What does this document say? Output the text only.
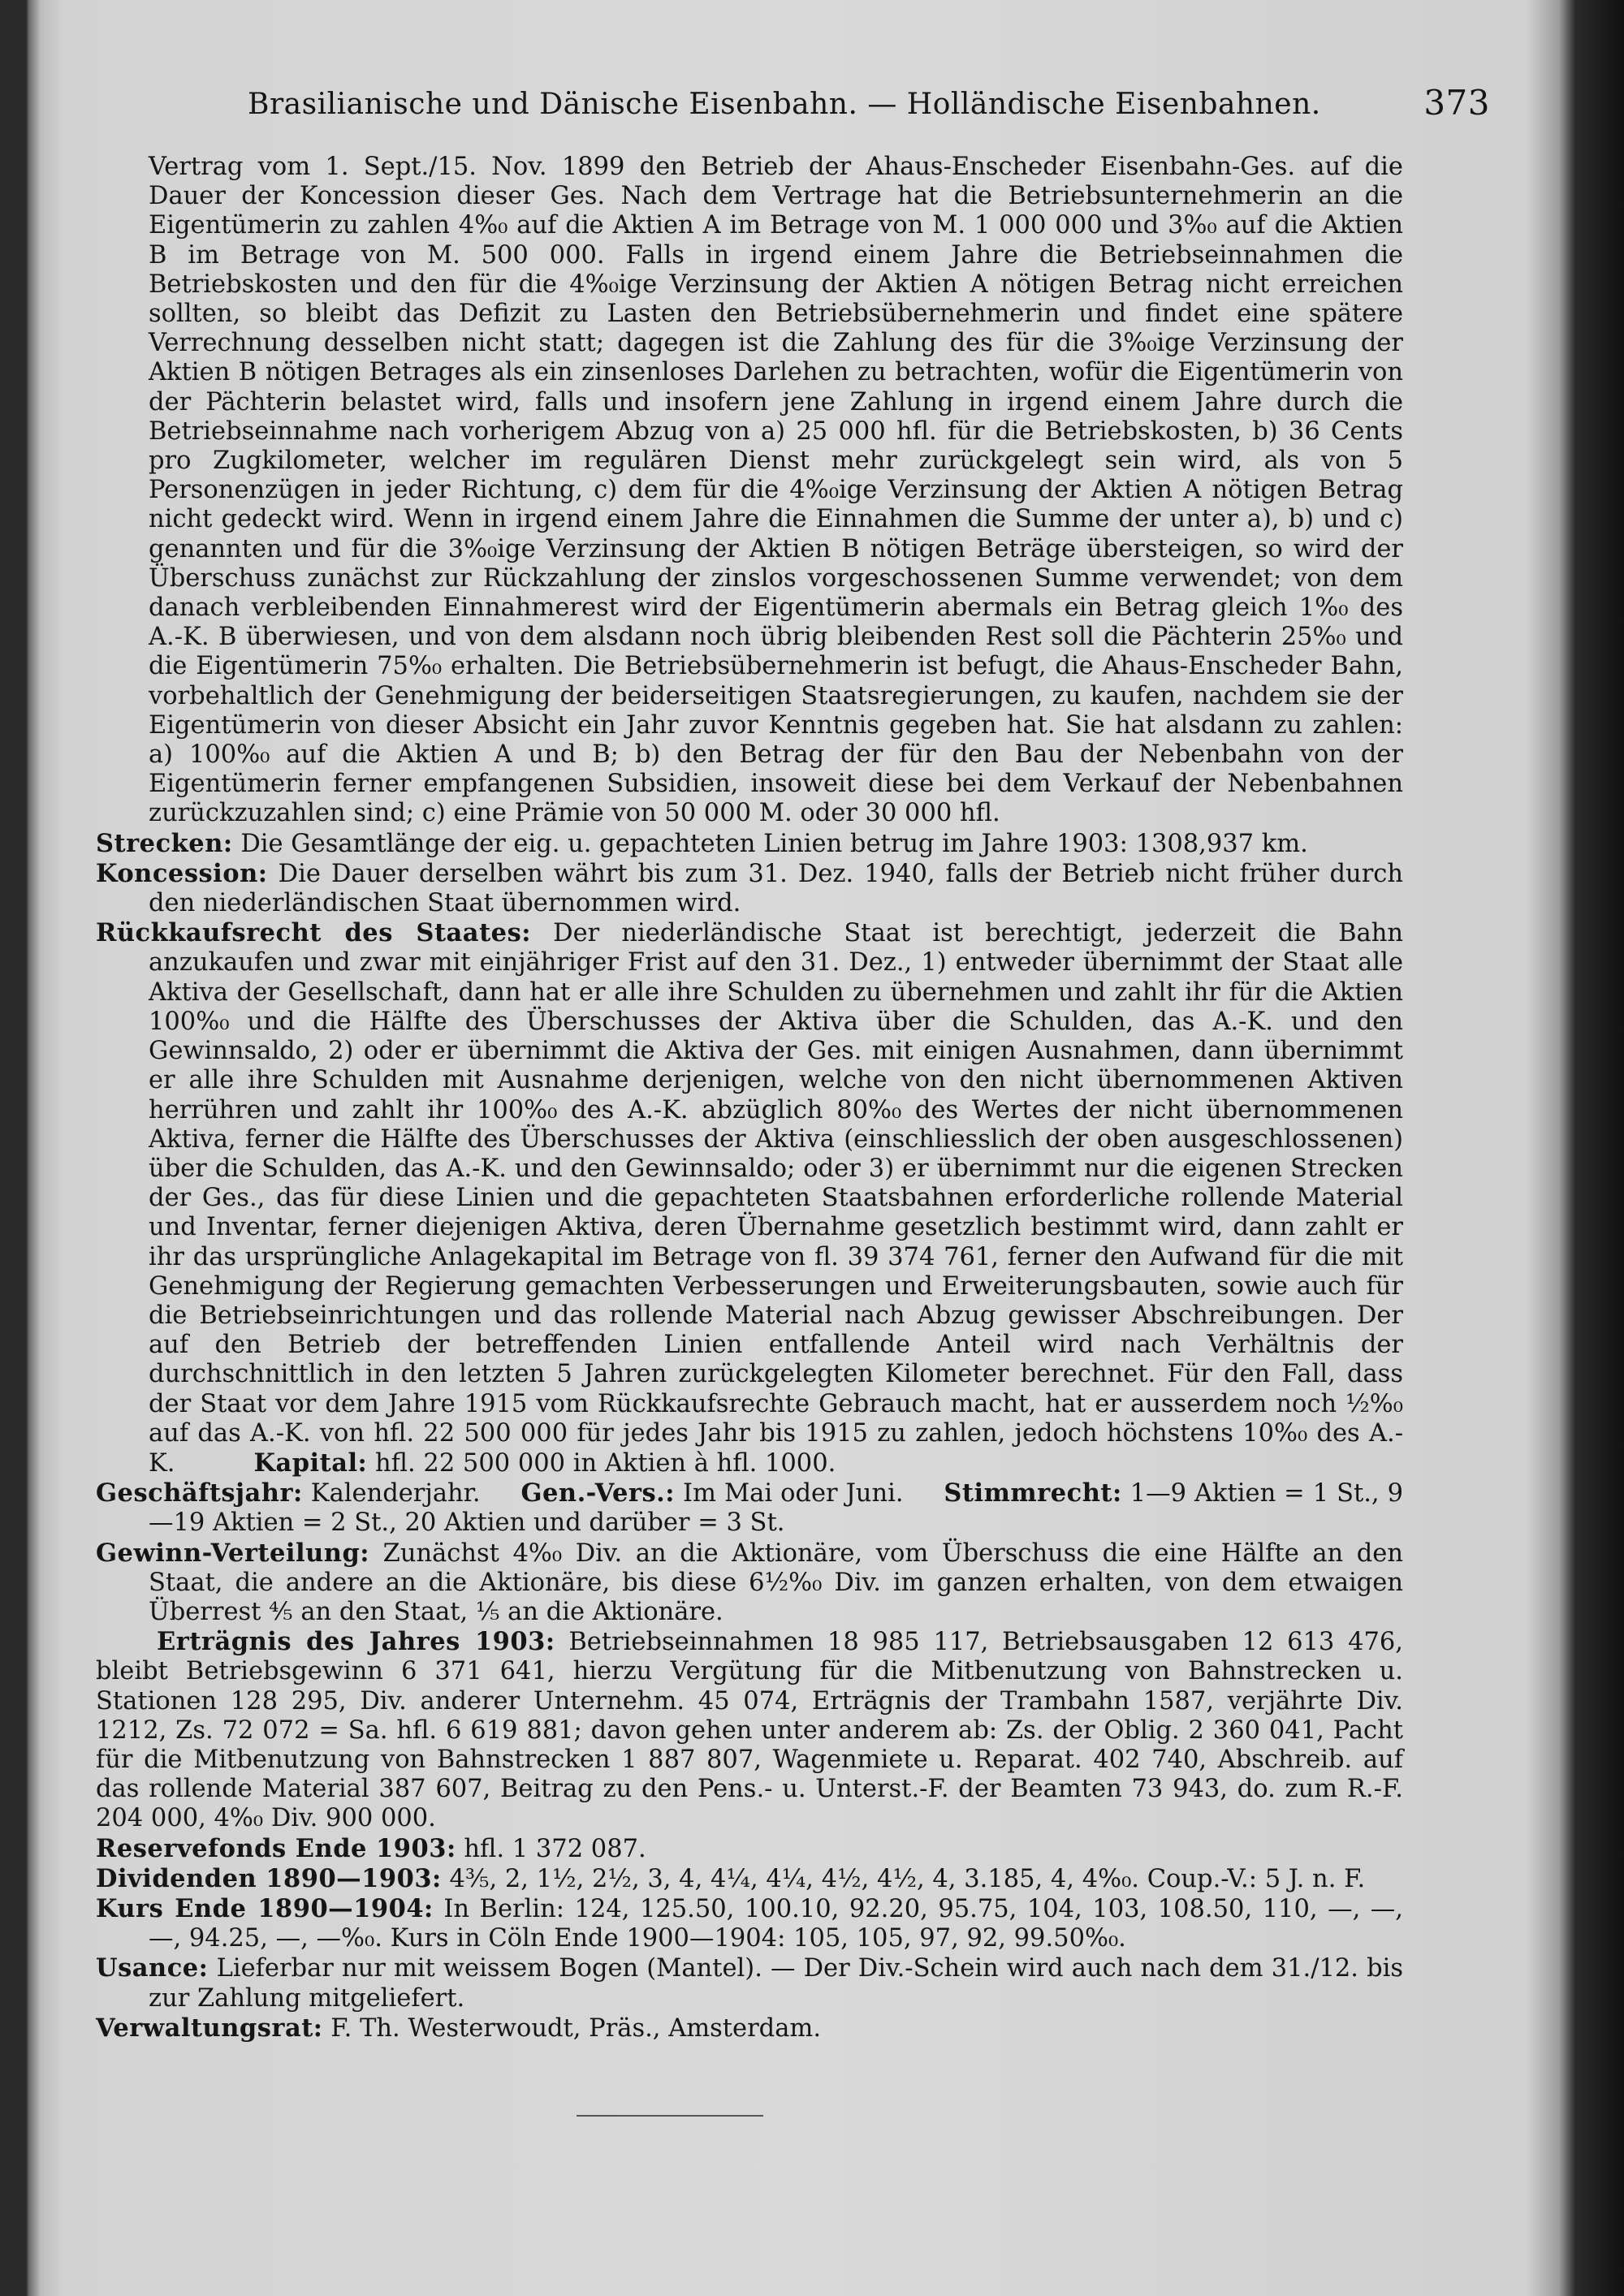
Brasilianische und Dänische Eisenbahn. — Holländische Eisenbahnen.	373

Vertrag vom 1. Sept./15. Nov. 1899 den Betrieb der Ahaus-Enscheder Eisenbahn-Ges. auf die Dauer der Koncession dieser Ges. Nach dem Vertrage hat die Betriebsunternehmerin an die Eigentümerin zu zahlen 4%₀ auf die Aktien A im Betrage von M. 1 000 000 und 3%₀ auf die Aktien B im Betrage von M. 500 000. Falls in irgend einem Jahre die Betriebseinnahmen die Betriebskosten und den für die 4%₀ige Verzinsung der Aktien A nötigen Betrag nicht erreichen sollten, so bleibt das Defizit zu Lasten den Betriebsübernehmerin und findet eine spätere Verrechnung desselben nicht statt; dagegen ist die Zahlung des für die 3%₀ige Verzinsung der Aktien B nötigen Betrages als ein zinsenloses Darlehen zu betrachten, wofür die Eigentümerin von der Pächterin belastet wird, falls und insofern jene Zahlung in irgend einem Jahre durch die Betriebseinnahme nach vorherigem Abzug von a) 25 000 hfl. für die Betriebskosten, b) 36 Cents pro Zugkilometer, welcher im regulären Dienst mehr zurückgelegt sein wird, als von 5 Personenzügen in jeder Richtung, c) dem für die 4%₀ige Verzinsung der Aktien A nötigen Betrag nicht gedeckt wird. Wenn in irgend einem Jahre die Einnahmen die Summe der unter a), b) und c) genannten und für die 3%₀ige Verzinsung der Aktien B nötigen Beträge übersteigen, so wird der Überschuss zunächst zur Rückzahlung der zinslos vorgeschossenen Summe verwendet; von dem danach verbleibenden Einnahmerest wird der Eigentümerin abermals ein Betrag gleich 1%₀ des A.-K. B überwiesen, und von dem alsdann noch übrig bleibenden Rest soll die Pächterin 25%₀ und die Eigentümerin 75%₀ erhalten. Die Betriebsübernehmerin ist befugt, die Ahaus-Enscheder Bahn, vorbehaltlich der Genehmigung der beiderseitigen Staatsregierungen, zu kaufen, nachdem sie der Eigentümerin von dieser Absicht ein Jahr zuvor Kenntnis gegeben hat. Sie hat alsdann zu zahlen: a) 100%₀ auf die Aktien A und B; b) den Betrag der für den Bau der Nebenbahn von der Eigentümerin ferner empfangenen Subsidien, insoweit diese bei dem Verkauf der Nebenbahnen zurückzuzahlen sind; c) eine Prämie von 50 000 M. oder 30 000 hfl.

Strecken: Die Gesamtlänge der eig. u. gepachteten Linien betrug im Jahre 1903: 1308,937 km.

Koncession: Die Dauer derselben währt bis zum 31. Dez. 1940, falls der Betrieb nicht früher durch den niederländischen Staat übernommen wird.

Rückkaufsrecht des Staates: Der niederländische Staat ist berechtigt, jederzeit die Bahn anzukaufen und zwar mit einjähriger Frist auf den 31. Dez., 1) entweder übernimmt der Staat alle Aktiva der Gesellschaft, dann hat er alle ihre Schulden zu übernehmen und zahlt ihr für die Aktien 100%₀ und die Hälfte des Überschusses der Aktiva über die Schulden, das A.-K. und den Gewinnsaldo, 2) oder er übernimmt die Aktiva der Ges. mit einigen Ausnahmen, dann übernimmt er alle ihre Schulden mit Ausnahme derjenigen, welche von den nicht übernommenen Aktiven herrühren und zahlt ihr 100%₀ des A.-K. abzüglich 80%₀ des Wertes der nicht übernommenen Aktiva, ferner die Hälfte des Überschusses der Aktiva (einschliesslich der oben ausgeschlossenen) über die Schulden, das A.-K. und den Gewinnsaldo; oder 3) er übernimmt nur die eigenen Strecken der Ges., das für diese Linien und die gepachteten Staatsbahnen erforderliche rollende Material und Inventar, ferner diejenigen Aktiva, deren Übernahme gesetzlich bestimmt wird, dann zahlt er ihr das ursprüngliche Anlagekapital im Betrage von fl. 39 374 761, ferner den Aufwand für die mit Genehmigung der Regierung gemachten Verbesserungen und Erweiterungsbauten, sowie auch für die Betriebseinrichtungen und das rollende Material nach Abzug gewisser Abschreibungen. Der auf den Betrieb der betreffenden Linien entfallende Anteil wird nach Verhältnis der durchschnittlich in den letzten 5 Jahren zurückgelegten Kilometer berechnet. Für den Fall, dass der Staat vor dem Jahre 1915 vom Rückkaufsrechte Gebrauch macht, hat er ausserdem noch ½%₀ auf das A.-K. von hfl. 22 500 000 für jedes Jahr bis 1915 zu zahlen, jedoch höchstens 10%₀ des A.-K.	Kapital: hfl. 22 500 000 in Aktien à hfl. 1000.

Geschäftsjahr: Kalenderjahr. Gen.-Vers.: Im Mai oder Juni. Stimmrecht: 1—9 Aktien = 1 St., 9—19 Aktien = 2 St., 20 Aktien und darüber = 3 St.

Gewinn-Verteilung: Zunächst 4%₀ Div. an die Aktionäre, vom Überschuss die eine Hälfte an den Staat, die andere an die Aktionäre, bis diese 6½%₀ Div. im ganzen erhalten, von dem etwaigen Überrest ⁴⁄₅ an den Staat, ¹⁄₅ an die Aktionäre.

Erträgnis des Jahres 1903: Betriebseinnahmen 18 985 117, Betriebsausgaben 12 613 476, bleibt Betriebsgewinn 6 371 641, hierzu Vergütung für die Mitbenutzung von Bahnstrecken u. Stationen 128 295, Div. anderer Unternehm. 45 074, Erträgnis der Trambahn 1587, verjährte Div. 1212, Zs. 72 072 = Sa. hfl. 6 619 881; davon gehen unter anderem ab: Zs. der Oblig. 2 360 041, Pacht für die Mitbenutzung von Bahnstrecken 1 887 807, Wagenmiete u. Reparat. 402 740, Abschreib. auf das rollende Material 387 607, Beitrag zu den Pens.- u. Unterst.-F. der Beamten 73 943, do. zum R.-F. 204 000, 4%₀ Div. 900 000.

Reservefonds Ende 1903: hfl. 1 372 087.

Dividenden 1890—1903: 4⅗, 2, 1½, 2½, 3, 4, 4¼, 4¼, 4½, 4½, 4, 3.185, 4, 4%₀. Coup.-V.: 5 J. n. F.

Kurs Ende 1890—1904: In Berlin: 124, 125.50, 100.10, 92.20, 95.75, 104, 103, 108.50, 110, —, —, —, 94.25, —, —%₀. Kurs in Cöln Ende 1900—1904: 105, 105, 97, 92, 99.50%₀.

Usance: Lieferbar nur mit weissem Bogen (Mantel). — Der Div.-Schein wird auch nach dem 31./12. bis zur Zahlung mitgeliefert.

Verwaltungsrat: F. Th. Westerwoudt, Präs., Amsterdam.
